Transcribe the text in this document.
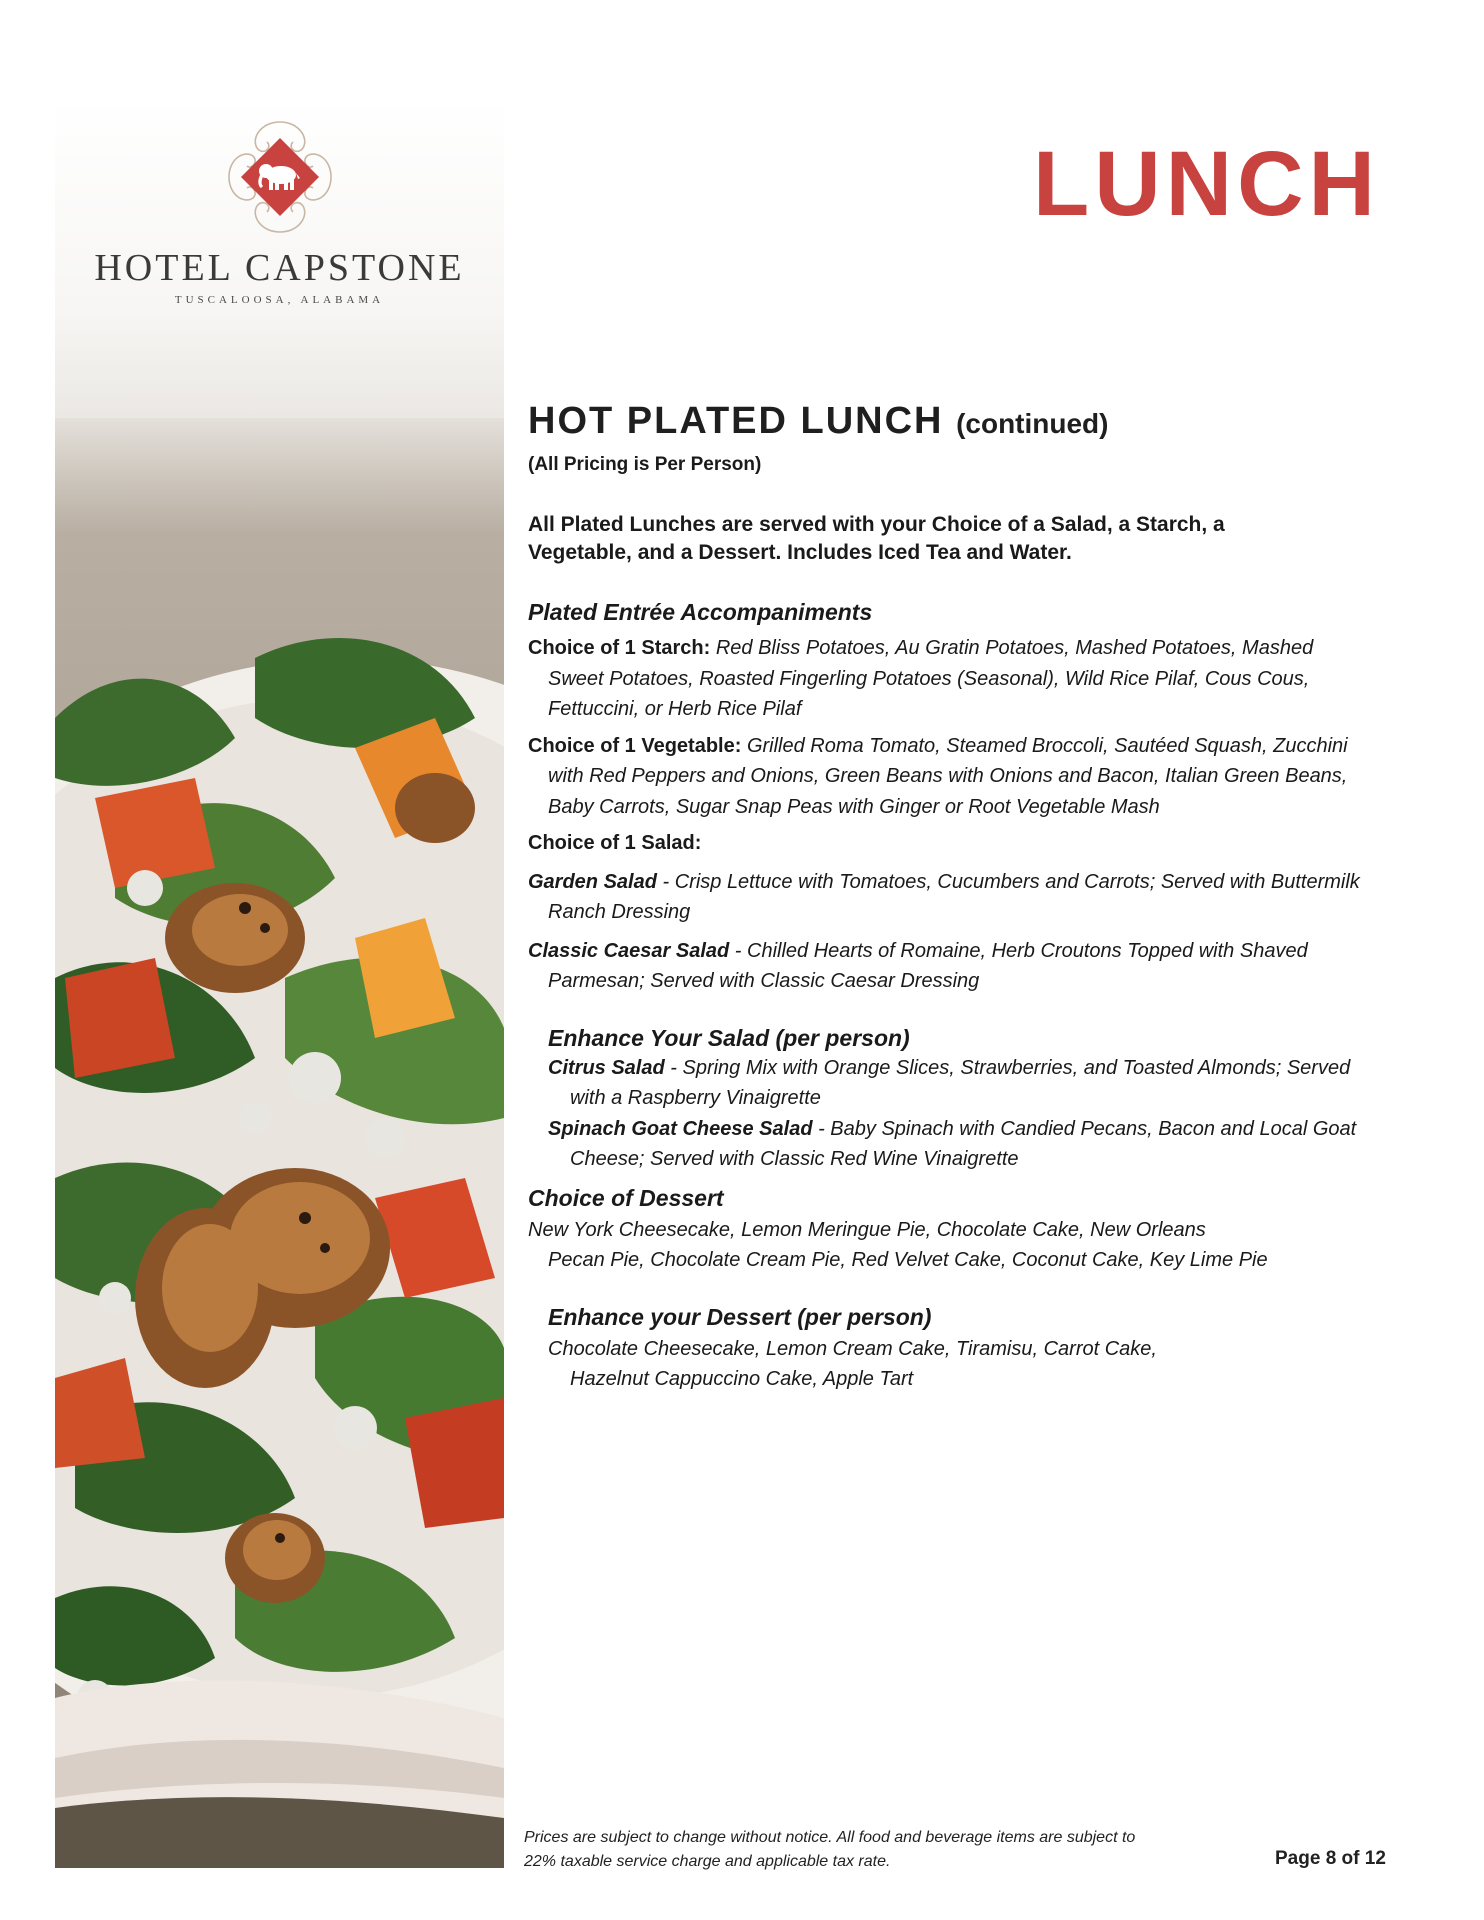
HOTEL CAPSTONE
TUSCALOOSA, ALABAMA
LUNCH
HOT PLATED LUNCH (continued)

(All Pricing is Per Person)

All Plated Lunches are served with your Choice of a Salad, a Starch, a Vegetable, and a Dessert. Includes Iced Tea and Water.

Plated Entrée Accompaniments

Choice of 1 Starch: Red Bliss Potatoes, Au Gratin Potatoes, Mashed Potatoes, Mashed Sweet Potatoes, Roasted Fingerling Potatoes (Seasonal), Wild Rice Pilaf, Cous Cous, Fettuccini, or Herb Rice Pilaf

Choice of 1 Vegetable: Grilled Roma Tomato, Steamed Broccoli, Sautéed Squash, Zucchini with Red Peppers and Onions, Green Beans with Onions and Bacon, Italian Green Beans, Baby Carrots, Sugar Snap Peas with Ginger or Root Vegetable Mash

Choice of 1 Salad:

Garden Salad - Crisp Lettuce with Tomatoes, Cucumbers and Carrots; Served with Buttermilk Ranch Dressing

Classic Caesar Salad - Chilled Hearts of Romaine, Herb Croutons Topped with Shaved Parmesan; Served with Classic Caesar Dressing

Enhance Your Salad (per person)

Citrus Salad - Spring Mix with Orange Slices, Strawberries, and Toasted Almonds; Served with a Raspberry Vinaigrette

Spinach Goat Cheese Salad - Baby Spinach with Candied Pecans, Bacon and Local Goat Cheese; Served with Classic Red Wine Vinaigrette

Choice of Dessert

New York Cheesecake, Lemon Meringue Pie, Chocolate Cake, New Orleans Pecan Pie, Chocolate Cream Pie, Red Velvet Cake, Coconut Cake, Key Lime Pie

Enhance your Dessert (per person)

Chocolate Cheesecake, Lemon Cream Cake, Tiramisu, Carrot Cake, Hazelnut Cappuccino Cake, Apple Tart

Prices are subject to change without notice. All food and beverage items are subject to 22% taxable service charge and applicable tax rate.	Page 8 of 12
